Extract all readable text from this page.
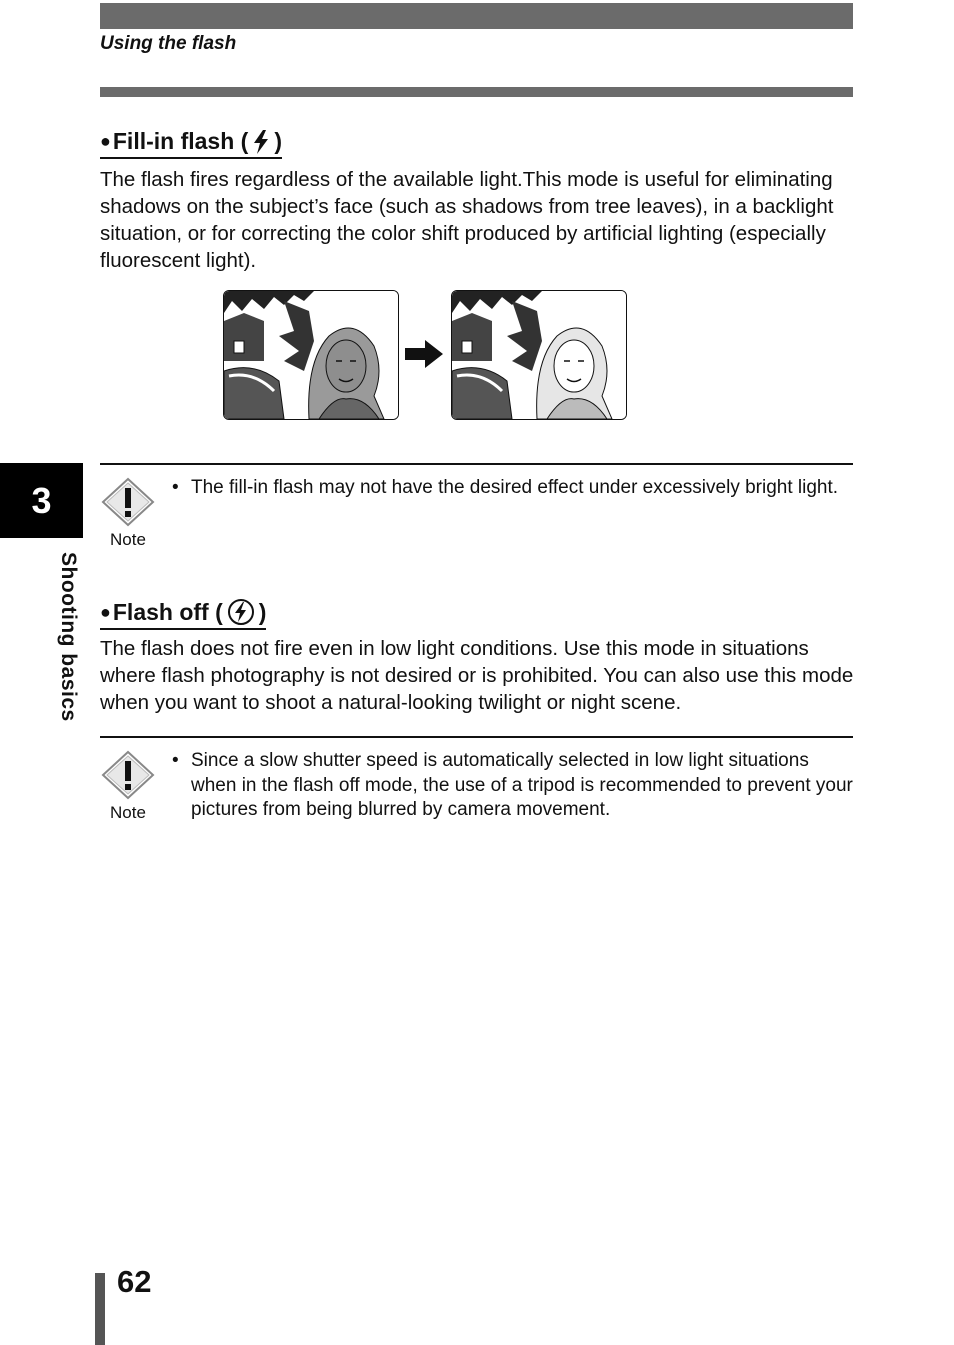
Using the flash
● Fill-in flash ( )
The flash fires regardless of the available light.This mode is useful for eliminating shadows on the subject’s face (such as shadows from tree leaves), in a backlight situation, or for correcting the color shift produced by artificial lighting (especially fluorescent light).
Note
• The fill-in flash may not have the desired effect under excessively bright light.
● Flash off ( )
The flash does not fire even in low light conditions. Use this mode in situations where flash photography is not desired or is prohibited. You can also use this mode when you want to shoot a natural-looking twilight or night scene.
Note
• Since a slow shutter speed is automatically selected in low light situations when in the flash off mode, the use of a tripod is recommended to prevent your pictures from being blurred by camera movement.
3
Shooting basics
62
